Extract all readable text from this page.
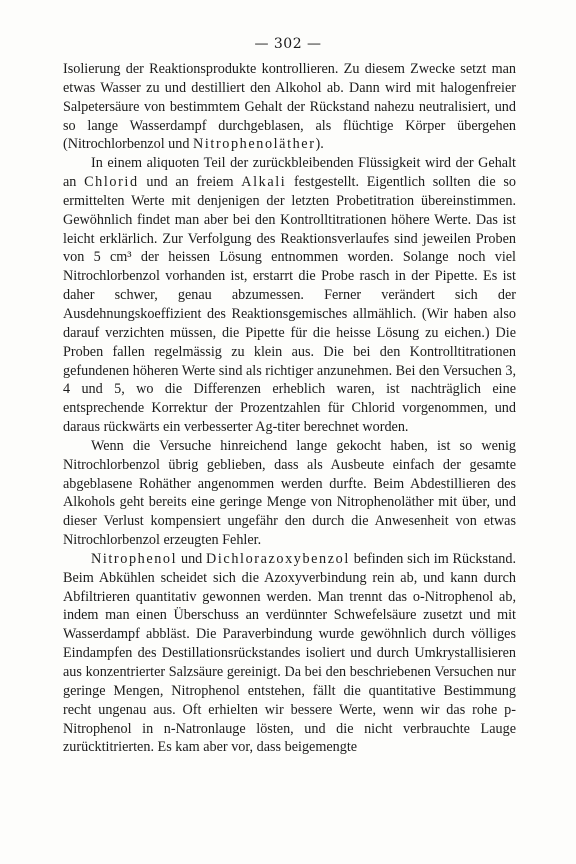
— 302 —

Isolierung der Reaktionsprodukte kontrollieren. Zu diesem Zwecke setzt man etwas Wasser zu und destilliert den Alkohol ab. Dann wird mit halogenfreier Salpetersäure von bestimmtem Gehalt der Rückstand nahezu neutralisiert, und so lange Wasserdampf durchgeblasen, als flüchtige Körper übergehen (Nitrochlorbenzol und Nitrophenoläther).

In einem aliquoten Teil der zurückbleibenden Flüssigkeit wird der Gehalt an Chlorid und an freiem Alkali festgestellt. Eigentlich sollten die so ermittelten Werte mit denjenigen der letzten Probetitration übereinstimmen. Gewöhnlich findet man aber bei den Kontrolltitrationen höhere Werte. Das ist leicht erklärlich. Zur Verfolgung des Reaktionsverlaufes sind jeweilen Proben von 5 cm³ der heissen Lösung entnommen worden. Solange noch viel Nitrochlorbenzol vorhanden ist, erstarrt die Probe rasch in der Pipette. Es ist daher schwer, genau abzumessen. Ferner verändert sich der Ausdehnungskoeffizient des Reaktionsgemisches allmählich. (Wir haben also darauf verzichten müssen, die Pipette für die heisse Lösung zu eichen.) Die Proben fallen regelmässig zu klein aus. Die bei den Kontrolltitrationen gefundenen höheren Werte sind als richtiger anzunehmen. Bei den Versuchen 3, 4 und 5, wo die Differenzen erheblich waren, ist nachträglich eine entsprechende Korrektur der Prozentzahlen für Chlorid vorgenommen, und daraus rückwärts ein verbesserter Ag-titer berechnet worden.

Wenn die Versuche hinreichend lange gekocht haben, ist so wenig Nitrochlorbenzol übrig geblieben, dass als Ausbeute einfach der gesamte abgeblasene Rohäther angenommen werden durfte. Beim Abdestillieren des Alkohols geht bereits eine geringe Menge von Nitrophenoläther mit über, und dieser Verlust kompensiert ungefähr den durch die Anwesenheit von etwas Nitrochlorbenzol erzeugten Fehler.

Nitrophenol und Dichlorazoxybenzol befinden sich im Rückstand. Beim Abkühlen scheidet sich die Azoxyverbindung rein ab, und kann durch Abfiltrieren quantitativ gewonnen werden. Man trennt das o-Nitrophenol ab, indem man einen Überschuss an verdünnter Schwefelsäure zusetzt und mit Wasserdampf abbläst. Die Paraverbindung wurde gewöhnlich durch völliges Eindampfen des Destillationsrückstandes isoliert und durch Umkrystallisieren aus konzentrierter Salzsäure gereinigt. Da bei den beschriebenen Versuchen nur geringe Mengen, Nitrophenol entstehen, fällt die quantitative Bestimmung recht ungenau aus. Oft erhielten wir bessere Werte, wenn wir das rohe p-Nitrophenol in n-Natronlauge lösten, und die nicht verbrauchte Lauge zurücktitrierten. Es kam aber vor, dass beigemengte
